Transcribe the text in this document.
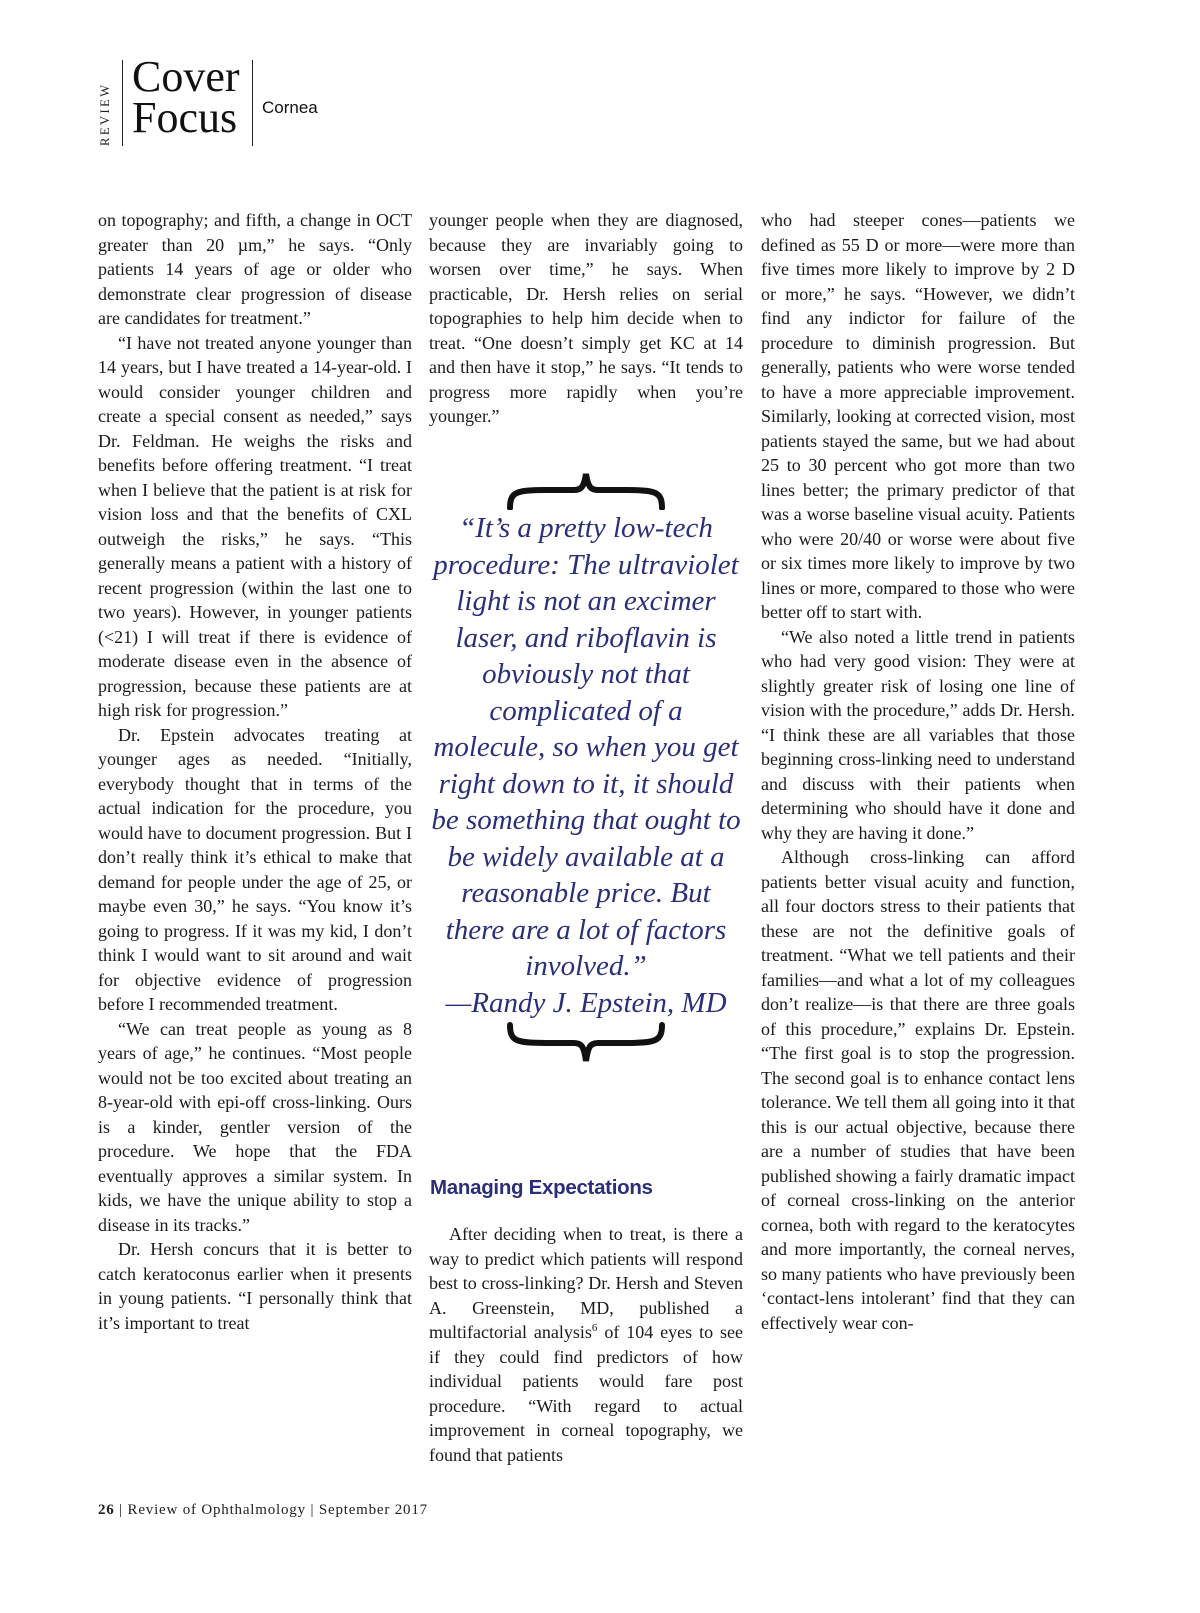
REVIEW
Cover
Focus Cornea

on topography; and fifth, a change in OCT greater than 20 µm,” he says. “Only patients 14 years of age or older who demonstrate clear progression of disease are candidates for treatment.”

“I have not treated anyone younger than 14 years, but I have treated a 14-year-old. I would consider younger children and create a special consent as needed,” says Dr. Feldman. He weighs the risks and benefits before offering treatment. “I treat when I believe that the patient is at risk for vision loss and that the benefits of CXL outweigh the risks,” he says. “This generally means a patient with a history of recent progression (within the last one to two years). However, in younger patients (<21) I will treat if there is evidence of moderate disease even in the absence of progression, because these patients are at high risk for progression.”

Dr. Epstein advocates treating at younger ages as needed. “Initially, everybody thought that in terms of the actual indication for the procedure, you would have to document progression. But I don’t really think it’s ethical to make that demand for people under the age of 25, or maybe even 30,” he says. “You know it’s going to progress. If it was my kid, I don’t think I would want to sit around and wait for objective evidence of progression before I recommended treatment.

“We can treat people as young as 8 years of age,” he continues. “Most people would not be too excited about treating an 8-year-old with epi-off cross-linking. Ours is a kinder, gentler version of the procedure. We hope that the FDA eventually approves a similar system. In kids, we have the unique ability to stop a disease in its tracks.”

Dr. Hersh concurs that it is better to catch keratoconus earlier when it presents in young patients. “I personally think that it’s important to treat

younger people when they are diagnosed, because they are invariably going to worsen over time,” he says. When practicable, Dr. Hersh relies on serial topographies to help him decide when to treat. “One doesn’t simply get KC at 14 and then have it stop,” he says. “It tends to progress more rapidly when you’re younger.”

“It’s a pretty low-tech procedure: The ultraviolet light is not an excimer laser, and riboflavin is obviously not that complicated of a molecule, so when you get right down to it, it should be something that ought to be widely available at a reasonable price. But there are a lot of factors involved.”

—Randy J. Epstein, MD

Managing Expectations

After deciding when to treat, is there a way to predict which patients will respond best to cross-linking? Dr. Hersh and Steven A. Greenstein, MD, published a multifactorial analysis$^6$ of 104 eyes to see if they could find predictors of how individual patients would fare post procedure. “With regard to actual improvement in corneal topography, we found that patients

who had steeper cones—patients we defined as 55 D or more—were more than five times more likely to improve by 2 D or more,” he says. “However, we didn’t find any indictor for failure of the procedure to diminish progression. But generally, patients who were worse tended to have a more appreciable improvement. Similarly, looking at corrected vision, most patients stayed the same, but we had about 25 to 30 percent who got more than two lines better; the primary predictor of that was a worse baseline visual acuity. Patients who were 20/40 or worse were about five or six times more likely to improve by two lines or more, compared to those who were better off to start with.

“We also noted a little trend in patients who had very good vision: They were at slightly greater risk of losing one line of vision with the procedure,” adds Dr. Hersh. “I think these are all variables that those beginning cross-linking need to understand and discuss with their patients when determining who should have it done and why they are having it done.”

Although cross-linking can afford patients better visual acuity and function, all four doctors stress to their patients that these are not the definitive goals of treatment. “What we tell patients and their families—and what a lot of my colleagues don’t realize—is that there are three goals of this procedure,” explains Dr. Epstein. “The first goal is to stop the progression. The second goal is to enhance contact lens tolerance. We tell them all going into it that this is our actual objective, because there are a number of studies that have been published showing a fairly dramatic impact of corneal cross-linking on the anterior cornea, both with regard to the keratocytes and more importantly, the corneal nerves, so many patients who have previously been ‘contact-lens intolerant’ find that they can effectively wear con-

26 | Review of Ophthalmology | September 2017
